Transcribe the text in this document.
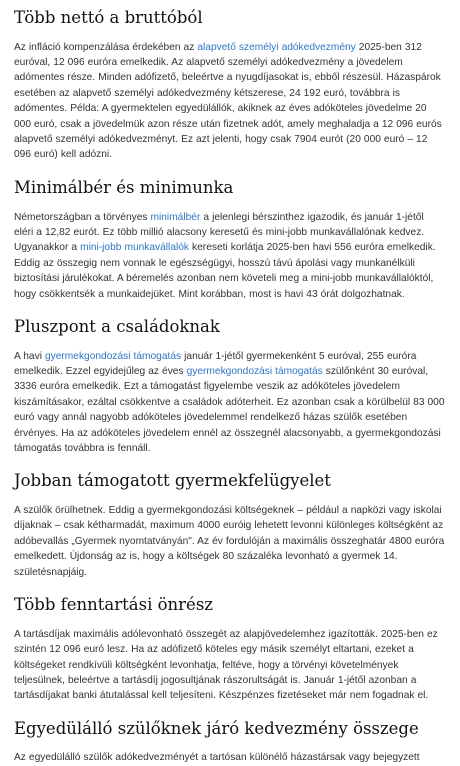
Több nettó a bruttóból

Az infláció kompenzálása érdekében az alapvető személyi adókedvezmény 2025-ben 312 euróval, 12 096 euróra emelkedik. Az alapvető személyi adókedvezmény a jövedelem adómentes része. Minden adófizető, beleértve a nyugdíjasokat is, ebből részesül. Házaspárok esetében az alapvető személyi adókedvezmény kétszerese, 24 192 euró, továbbra is adómentes. Példa: A gyermektelen egyedülállók, akiknek az éves adóköteles jövedelme 20 000 euró, csak a jövedelmük azon része után fizetnek adót, amely meghaladja a 12 096 eurós alapvető személyi adókedvezményt. Ez azt jelenti, hogy csak 7904 eurót (20 000 euró – 12 096 euró) kell adózni.

Minimálbér és minimunka

Németországban a törvényes minimálbér a jelenlegi bérszinthez igazodik, és január 1-jétől eléri a 12,82 eurót. Ez több millió alacsony keresetű és mini-jobb munkavállalónak kedvez. Ugyanakkor a mini-jobb munkavállalók kereseti korlátja 2025-ben havi 556 euróra emelkedik. Eddig az összegig nem vonnak le egészségügyi, hosszú távú ápolási vagy munkanélküli biztosítási járulékokat. A béremelés azonban nem követeli meg a mini-jobb munkavállalóktól, hogy csökkentsék a munkaidejüket. Mint korábban, most is havi 43 órát dolgozhatnak.

Pluszpont a családoknak

A havi gyermekgondozási támogatás január 1-jétől gyermekenként 5 euróval, 255 euróra emelkedik. Ezzel egyidejűleg az éves gyermekgondozási támogatás szülőnként 30 euróval, 3336 euróra emelkedik. Ezt a támogatást figyelembe veszik az adóköteles jövedelem kiszámításakor, ezáltal csökkentve a családok adóterheit. Ez azonban csak a körülbelül 83 000 euró vagy annál nagyobb adóköteles jövedelemmel rendelkező házas szülők esetében érvényes. Ha az adóköteles jövedelem ennél az összegnél alacsonyabb, a gyermekgondozási támogatás továbbra is fennáll.

Jobban támogatott gyermekfelügyelet

A szülők örülhetnek. Eddig a gyermekgondozási költségeknek – például a napközi vagy iskolai díjaknak – csak kétharmadát, maximum 4000 euróig lehetett levonni különleges költségként az adóbevallás „Gyermek nyomtatványán". Az év fordulóján a maximális összeghatár 4800 euróra emelkedett. Újdonság az is, hogy a költségek 80 százaléka levonható a gyermek 14. születésnapjáig.

Több fenntartási önrész

A tartásdíjak maximális adólevonható összegét az alapjövedelemhez igazították. 2025-ben ez szintén 12 096 euró lesz. Ha az adófizető köteles egy másik személyt eltartani, ezeket a költségeket rendkívüli költségként levonhatja, feltéve, hogy a törvényi követelmények teljesülnek, beleértve a tartásdíj jogosultjának rászorultságát is. Január 1-jétől azonban a tartásdíjakat banki átutalással kell teljesíteni. Készpénzes fizetéseket már nem fogadnak el.

Egyedülálló szülőknek járó kedvezmény összege

Az egyedülálló szülők adókedvezményét a tartósan különélő házastársak vagy bejegyzett
